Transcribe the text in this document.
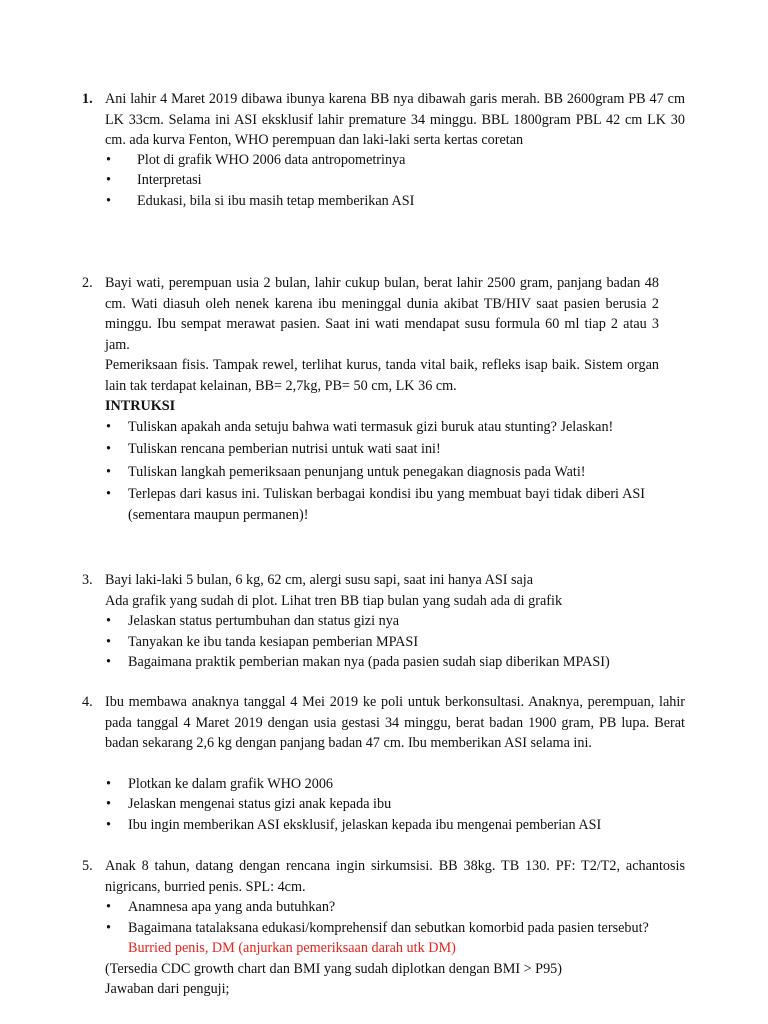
1. Ani lahir 4 Maret 2019 dibawa ibunya karena BB nya dibawah garis merah. BB 2600gram PB 47 cm LK 33cm. Selama ini ASI eksklusif lahir premature 34 minggu. BBL 1800gram PBL 42 cm LK 30 cm. ada kurva Fenton, WHO perempuan dan laki-laki serta kertas coretan
• Plot di grafik WHO 2006 data antropometrinya
• Interpretasi
• Edukasi, bila si ibu masih tetap memberikan ASI
2. Bayi wati, perempuan usia 2 bulan, lahir cukup bulan, berat lahir 2500 gram, panjang badan 48 cm. Wati diasuh oleh nenek karena ibu meninggal dunia akibat TB/HIV saat pasien berusia 2 minggu. Ibu sempat merawat pasien. Saat ini wati mendapat susu formula 60 ml tiap 2 atau 3 jam.
Pemeriksaan fisis. Tampak rewel, terlihat kurus, tanda vital baik, refleks isap baik. Sistem organ lain tak terdapat kelainan, BB= 2,7kg, PB= 50 cm, LK 36 cm.
INTRUKSI
• Tuliskan apakah anda setuju bahwa wati termasuk gizi buruk atau stunting? Jelaskan!
• Tuliskan rencana pemberian nutrisi untuk wati saat ini!
• Tuliskan langkah pemeriksaan penunjang untuk penegakan diagnosis pada Wati!
• Terlepas dari kasus ini. Tuliskan berbagai kondisi ibu yang membuat bayi tidak diberi ASI (sementara maupun permanen)!
3. Bayi laki-laki 5 bulan, 6 kg, 62 cm, alergi susu sapi, saat ini hanya ASI saja
Ada grafik yang sudah di plot. Lihat tren BB tiap bulan yang sudah ada di grafik
• Jelaskan status pertumbuhan dan status gizi nya
• Tanyakan ke ibu tanda kesiapan pemberian MPASI
• Bagaimana praktik pemberian makan nya (pada pasien sudah siap diberikan MPASI)
4. Ibu membawa anaknya tanggal 4 Mei 2019 ke poli untuk berkonsultasi. Anaknya, perempuan, lahir pada tanggal 4 Maret 2019 dengan usia gestasi 34 minggu, berat badan 1900 gram, PB lupa. Berat badan sekarang 2,6 kg dengan panjang badan 47 cm. Ibu memberikan ASI selama ini.
• Plotkan ke dalam grafik WHO 2006
• Jelaskan mengenai status gizi anak kepada ibu
• Ibu ingin memberikan ASI eksklusif, jelaskan kepada ibu mengenai pemberian ASI
5. Anak 8 tahun, datang dengan rencana ingin sirkumsisi. BB 38kg. TB 130. PF: T2/T2, achantosis nigricans, burried penis. SPL: 4cm.
• Anamnesa apa yang anda butuhkan?
• Bagaimana tatalaksana edukasi/komprehensif dan sebutkan komorbid pada pasien tersebut?
Burried penis, DM (anjurkan pemeriksaan darah utk DM)
(Tersedia CDC growth chart dan BMI yang sudah diplotkan dengan BMI > P95)
Jawaban dari penguji;
